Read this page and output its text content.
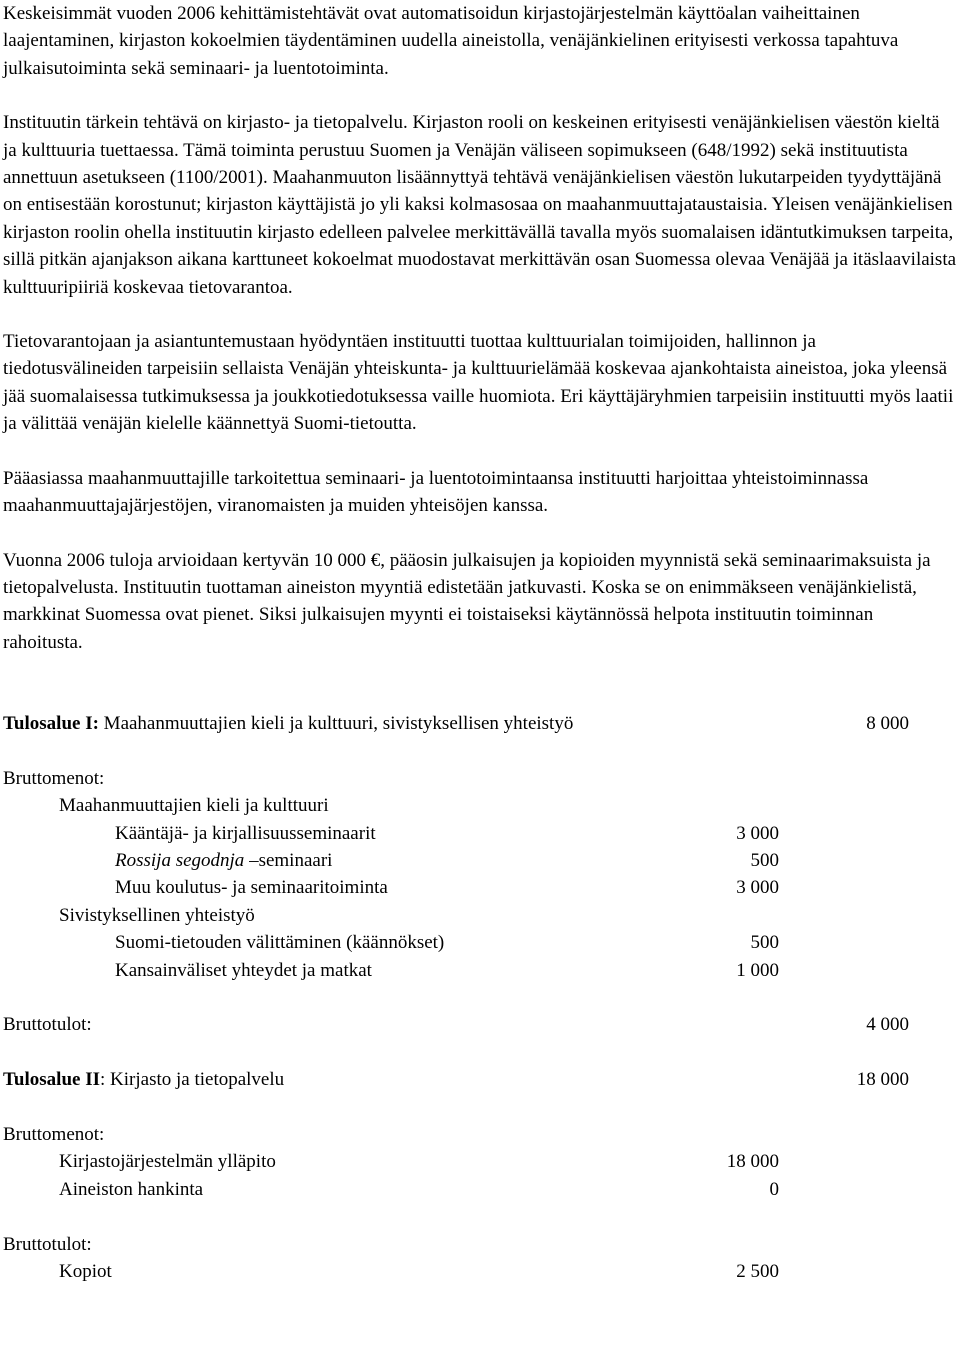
Keskeisimmät vuoden 2006 kehittämistehtävät ovat automatisoidun kirjastojärjestelmän käyttöalan vaiheittainen laajentaminen, kirjaston kokoelmien täydentäminen uudella aineistolla, venäjänkielinen erityisesti verkossa tapahtuva julkaisutoiminta sekä seminaari- ja luentotoiminta.

Instituutin tärkein tehtävä on kirjasto- ja tietopalvelu. Kirjaston rooli on keskeinen erityisesti venäjänkielisen väestön kieltä ja kulttuuria tuettaessa. Tämä toiminta perustuu Suomen ja Venäjän väliseen sopimukseen (648/1992) sekä instituutista annettuun asetukseen (1100/2001). Maahanmuuton lisäännyttyä tehtävä venäjänkielisen väestön lukutarpeiden tyydyttäjänä on entisestään korostunut; kirjaston käyttäjistä jo yli kaksi kolmasosaa on maahanmuuttajataustaisia. Yleisen venäjänkielisen kirjaston roolin ohella instituutin kirjasto edelleen palvelee merkittävällä tavalla myös suomalaisen idäntutkimuksen tarpeita, sillä pitkän ajanjakson aikana karttuneet kokoelmat muodostavat merkittävän osan Suomessa olevaa Venäjää ja itäslaavilaista kulttuuripiiriä koskevaa tietovarantoa.

Tietovarantojaan ja asiantuntemustaan hyödyntäen instituutti tuottaa kulttuurialan toimijoiden, hallinnon ja tiedotusvälineiden tarpeisiin sellaista Venäjän yhteiskunta- ja kulttuurielämää koskevaa ajankohtaista aineistoa, joka yleensä jää suomalaisessa tutkimuksessa ja joukkotiedotuksessa vaille huomiota. Eri käyttäjäryhmien tarpeisiin instituutti myös laatii ja välittää venäjän kielelle käännettyä Suomi-tietoutta.

Pääasiassa maahanmuuttajille tarkoitettua seminaari- ja luentotoimintaansa instituutti harjoittaa yhteistoiminnassa maahanmuuttajajärjestöjen, viranomaisten ja muiden yhteisöjen kanssa.

Vuonna 2006 tuloja arvioidaan kertyvän 10 000 €, pääosin julkaisujen ja kopioiden myynnistä sekä seminaarimaksuista ja tietopalvelusta. Instituutin tuottaman aineiston myyntiä edistetään jatkuvasti. Koska se on enimmäkseen venäjänkielistä, markkinat Suomessa ovat pienet. Siksi julkaisujen myynti ei toistaiseksi käytännössä helpota instituutin toiminnan rahoitusta.

Tulosalue I: Maahanmuuttajien kieli ja kulttuuri, sivistyksellisen yhteistyö	8 000
Bruttomenot:
Maahanmuuttajien kieli ja kulttuuri
Kääntäjä- ja kirjallisuusseminaarit	3 000
Rossija segodnja –seminaari	500
Muu koulutus- ja seminaaritoiminta	3 000
Sivistyksellinen yhteistyö
Suomi-tietouden välittäminen (käännökset)	500
Kansainväliset yhteydet ja matkat	1 000
Bruttotulot:	4 000
Tulosalue II: Kirjasto ja tietopalvelu	18 000
Bruttomenot:
Kirjastojärjestelmän ylläpito	18 000
Aineiston hankinta	0
Bruttotulot:
Kopiot	2 500
